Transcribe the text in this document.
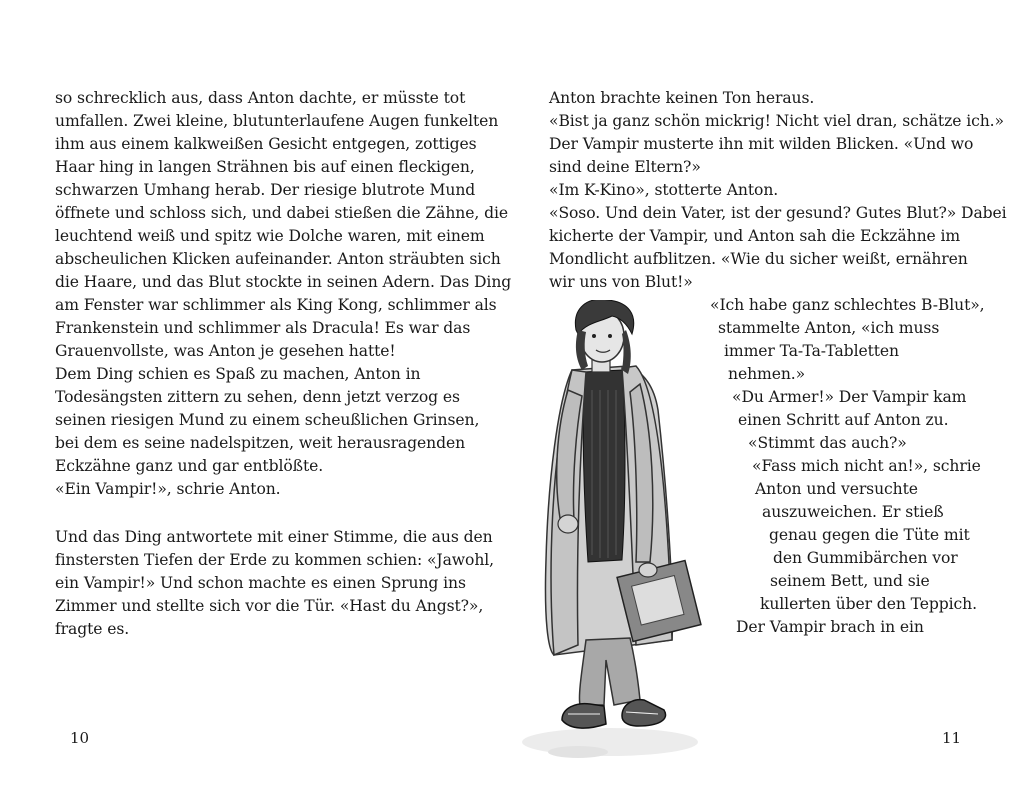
so schrecklich aus, dass Anton dachte, er müsste tot
umfallen. Zwei kleine, blutunterlaufene Augen funkelten
ihm aus einem kalkweißen Gesicht entgegen, zottiges
Haar hing in langen Strähnen bis auf einen fleckigen,
schwarzen Umhang herab. Der riesige blutrote Mund
öffnete und schloss sich, und dabei stießen die Zähne, die
leuchtend weiß und spitz wie Dolche waren, mit einem
abscheulichen Klicken aufeinander. Anton sträubten sich
die Haare, und das Blut stockte in seinen Adern. Das Ding
am Fenster war schlimmer als King Kong, schlimmer als
Frankenstein und schlimmer als Dracula! Es war das
Grauenvollste, was Anton je gesehen hatte!
Dem Ding schien es Spaß zu machen, Anton in
Todesängsten zittern zu sehen, denn jetzt verzog es
seinen riesigen Mund zu einem scheußlichen Grinsen,
bei dem es seine nadelspitzen, weit herausragenden
Eckzähne ganz und gar entblößte.
«Ein Vampir!», schrie Anton.
Und das Ding antwortete mit einer Stimme, die aus den
finstersten Tiefen der Erde zu kommen schien: «Jawohl,
ein Vampir!» Und schon machte es einen Sprung ins
Zimmer und stellte sich vor die Tür. «Hast du Angst?»,
fragte es.
10
Anton brachte keinen Ton heraus.
«Bist ja ganz schön mickrig! Nicht viel dran, schätze ich.»
Der Vampir musterte ihn mit wilden Blicken. «Und wo
sind deine Eltern?»
«Im K-Kino», stotterte Anton.
«Soso. Und dein Vater, ist der gesund? Gutes Blut?» Dabei
kicherte der Vampir, und Anton sah die Eckzähne im
Mondlicht aufblitzen. «Wie du sicher weißt, ernähren
wir uns von Blut!»
«Ich habe ganz schlechtes B-Blut»,
stammelte Anton, «ich muss
immer Ta-Ta-Tabletten
nehmen.»
«Du Armer!» Der Vampir kam
einen Schritt auf Anton zu.
«Stimmt das auch?»
«Fass mich nicht an!», schrie
Anton und versuchte
auszuweichen. Er stieß
genau gegen die Tüte mit
den Gummibärchen vor
seinem Bett, und sie
kullerten über den Teppich.
Der Vampir brach in ein
11
